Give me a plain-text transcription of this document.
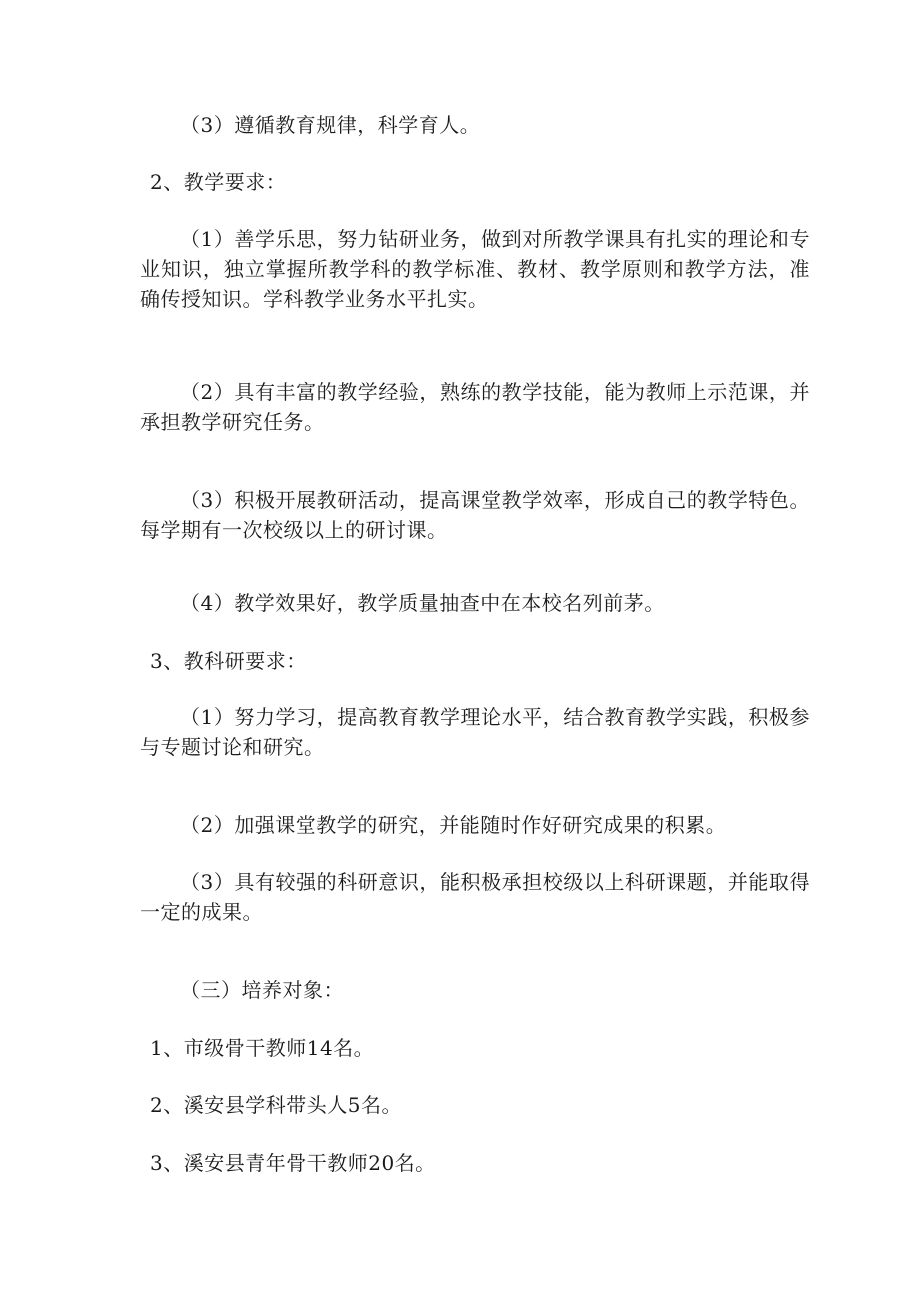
（3）遵循教育规律，科学育人。

2、教学要求：

（1）善学乐思，努力钻研业务，做到对所教学课具有扎实的理论和专业知识，独立掌握所教学科的教学标准、教材、教学原则和教学方法，准确传授知识。学科教学业务水平扎实。

（2）具有丰富的教学经验，熟练的教学技能，能为教师上示范课，并承担教学研究任务。

（3）积极开展教研活动，提高课堂教学效率，形成自己的教学特色。每学期有一次校级以上的研讨课。

（4）教学效果好，教学质量抽查中在本校名列前茅。

3、教科研要求：

（1）努力学习，提高教育教学理论水平，结合教育教学实践，积极参与专题讨论和研究。

（2）加强课堂教学的研究，并能随时作好研究成果的积累。

（3）具有较强的科研意识，能积极承担校级以上科研课题，并能取得一定的成果。

（三）培养对象：

1、市级骨干教师14名。

2、溪安县学科带头人5名。

3、溪安县青年骨干教师20名。
